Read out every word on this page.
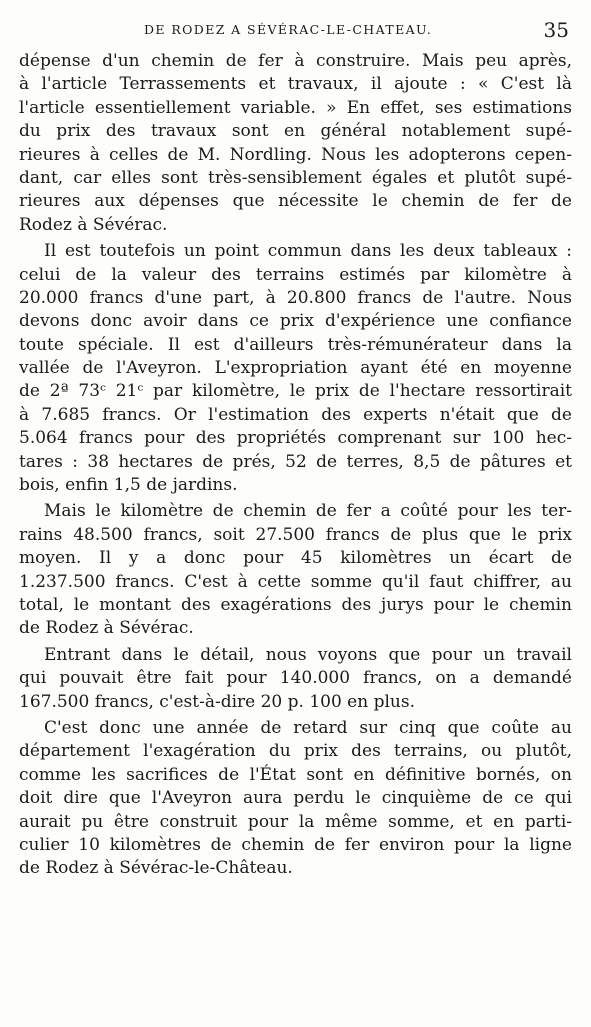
DE RODEZ A SÉVÉRAC-LE-CHATEAU.	35
dépense d'un chemin de fer à construire. Mais peu après,
à l'article Terrassements et travaux, il ajoute : « C'est là
l'article essentiellement variable. » En effet, ses estimations
du prix des travaux sont en général notablement supé-
rieures à celles de M. Nordling. Nous les adopterons cepen-
dant, car elles sont très-sensiblement égales et plutôt supé-
rieures aux dépenses que nécessite le chemin de fer de
Rodez à Sévérac.
Il est toutefois un point commun dans les deux tableaux :
celui de la valeur des terrains estimés par kilomètre à
20.000 francs d'une part, à 20.800 francs de l'autre. Nous
devons donc avoir dans ce prix d'expérience une confiance
toute spéciale. Il est d'ailleurs très-rémunérateur dans la
vallée de l'Aveyron. L'expropriation ayant été en moyenne
de 2ª 73ᶜ 21ᶜ par kilomètre, le prix de l'hectare ressortirait
à 7.685 francs. Or l'estimation des experts n'était que de
5.064 francs pour des propriétés comprenant sur 100 hec-
tares : 38 hectares de prés, 52 de terres, 8,5 de pâtures et
bois, enfin 1,5 de jardins.
Mais le kilomètre de chemin de fer a coûté pour les ter-
rains 48.500 francs, soit 27.500 francs de plus que le prix
moyen. Il y a donc pour 45 kilomètres un écart de
1.237.500 francs. C'est à cette somme qu'il faut chiffrer, au
total, le montant des exagérations des jurys pour le chemin
de Rodez à Sévérac.
Entrant dans le détail, nous voyons que pour un travail
qui pouvait être fait pour 140.000 francs, on a demandé
167.500 francs, c'est-à-dire 20 p. 100 en plus.
C'est donc une année de retard sur cinq que coûte au
département l'exagération du prix des terrains, ou plutôt,
comme les sacrifices de l'État sont en définitive bornés, on
doit dire que l'Aveyron aura perdu le cinquième de ce qui
aurait pu être construit pour la même somme, et en parti-
culier 10 kilomètres de chemin de fer environ pour la ligne
de Rodez à Sévérac-le-Château.
